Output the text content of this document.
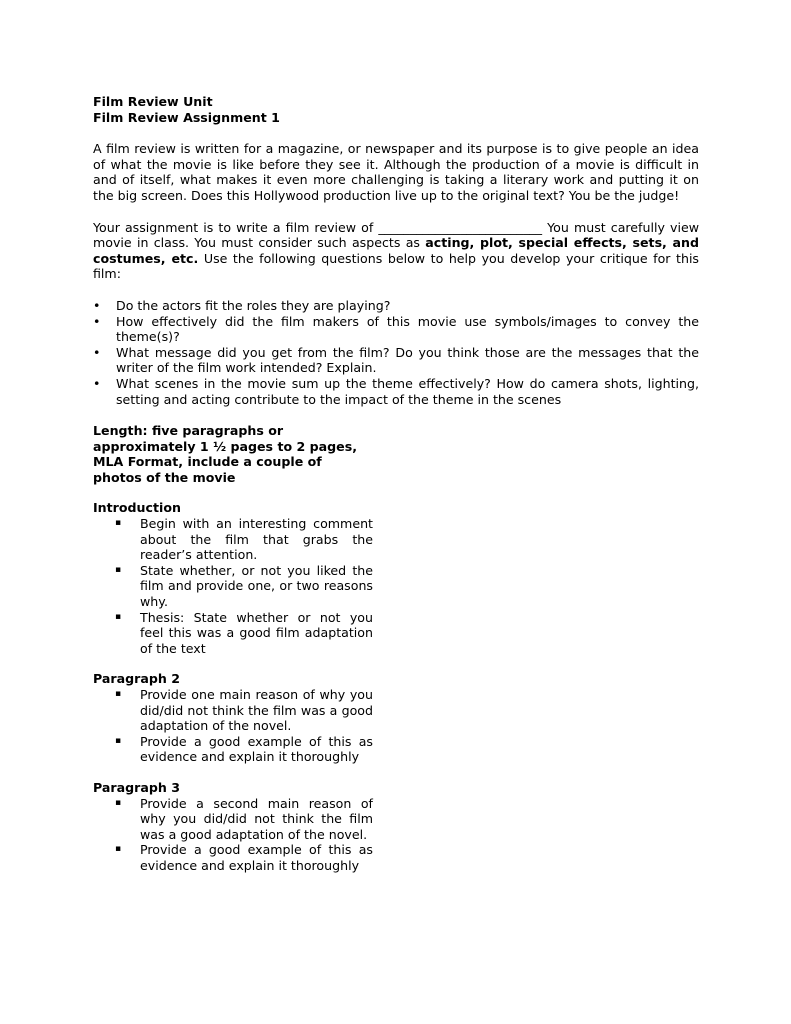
Film Review Unit
Film Review Assignment 1

A film review is written for a magazine, or newspaper and its purpose is to give people an idea of what the movie is like before they see it. Although the production of a movie is difficult in and of itself, what makes it even more challenging is taking a literary work and putting it on the big screen. Does this Hollywood production live up to the original text? You be the judge!

Your assignment is to write a film review of __________________________ You must carefully view movie in class. You must consider such aspects as acting, plot, special effects, sets, and costumes, etc. Use the following questions below to help you develop your critique for this film:

• Do the actors fit the roles they are playing?
• How effectively did the film makers of this movie use symbols/images to convey the theme(s)?
• What message did you get from the film? Do you think those are the messages that the writer of the film work intended? Explain.
• What scenes in the movie sum up the theme effectively? How do camera shots, lighting, setting and acting contribute to the impact of the theme in the scenes

Length: five paragraphs or approximately 1 ½ pages to 2 pages, MLA Format, include a couple of photos of the movie

Introduction

▪ Begin with an interesting comment about the film that grabs the reader’s attention.
▪ State whether, or not you liked the film and provide one, or two reasons why.
▪ Thesis: State whether or not you feel this was a good film adaptation of the text

Paragraph 2

▪ Provide one main reason of why you did/did not think the film was a good adaptation of the novel.
▪ Provide a good example of this as evidence and explain it thoroughly

Paragraph 3

▪ Provide a second main reason of why you did/did not think the film was a good adaptation of the novel.
▪ Provide a good example of this as evidence and explain it thoroughly
